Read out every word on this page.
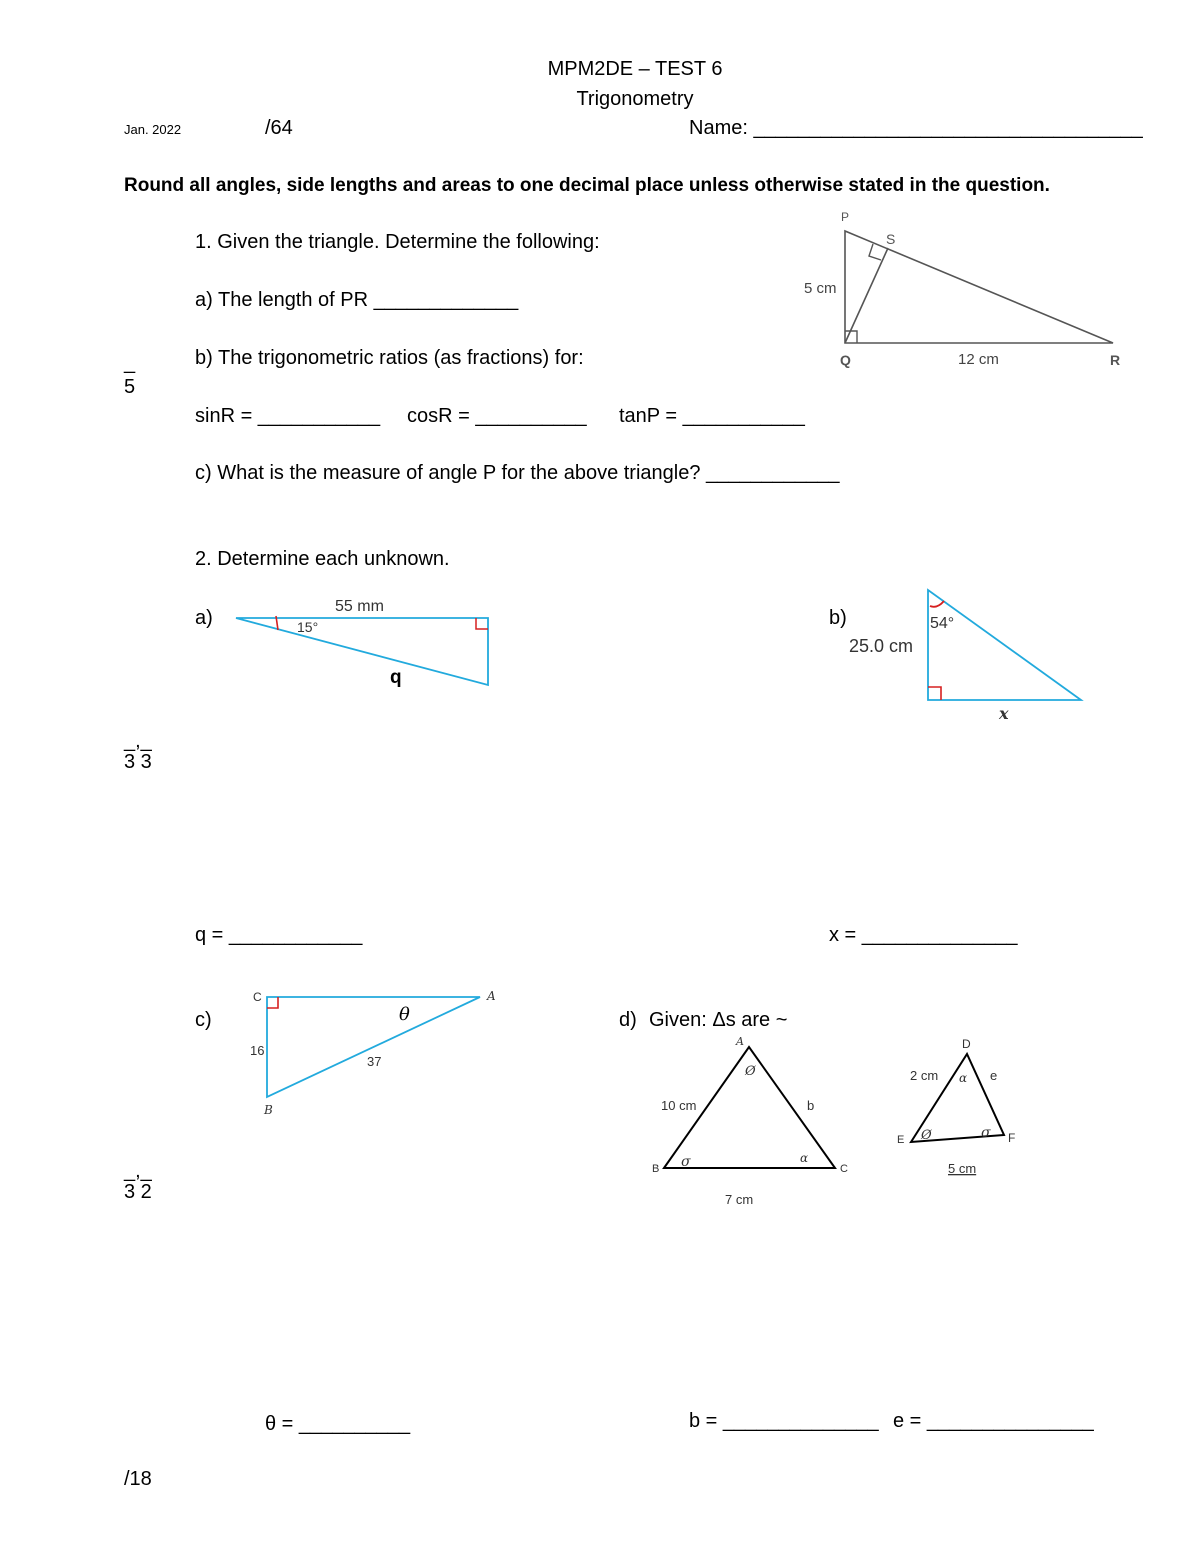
MPM2DE – TEST 6
Trigonometry
Jan. 2022	/64	Name: ___________________________________
Round all angles, side lengths and areas to one decimal place unless otherwise stated in the question.
1. Given the triangle. Determine the following:
a) The length of PR _____________
b) The trigonometric ratios (as fractions) for:
sinR = ___________ cosR = __________ tanP = ___________
c) What is the measure of angle P for the above triangle? ____________
_
5
2. Determine each unknown.
a)	b)
_,_
3 3
q = ____________	x = ______________
c)	d) Given: Δs are ~
_,_
3 2
θ = __________	b = ______________ e = _______________
/18
P
S
Q	R
5 cm
12 cm
55 mm
15°
q
54°
25.0 cm
x
C	A
B
16
37
θ
A
B	C
10 cm	b
7 cm
Ø
σ	α
D
E	F
2 cm	e
5 cm
α
Ø	σ
